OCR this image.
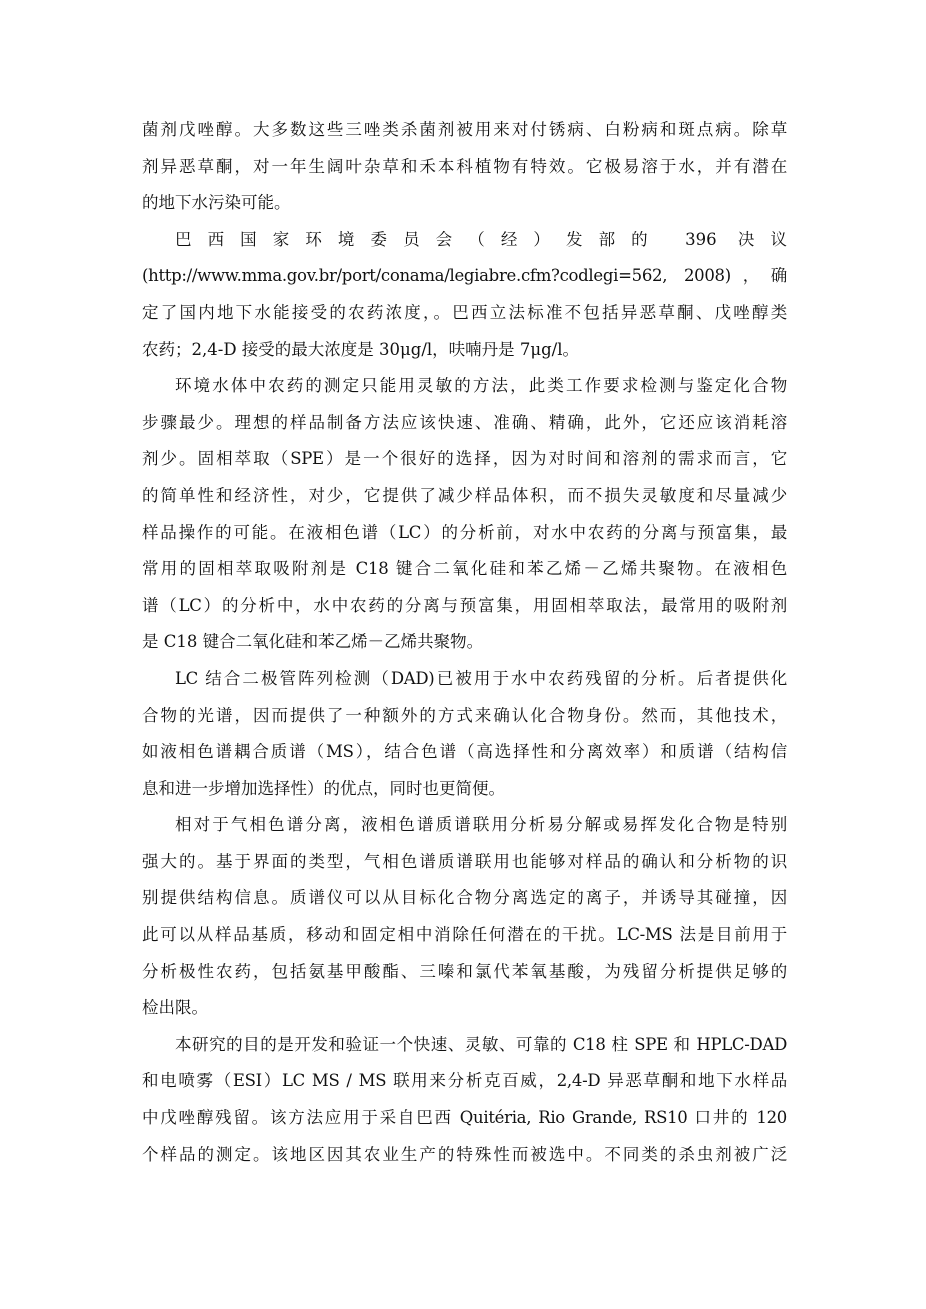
菌剂戊唑醇。大多数这些三唑类杀菌剂被用来对付锈病、白粉病和斑点病。除草
剂异恶草酮，对一年生阔叶杂草和禾本科植物有特效。它极易溶于水，并有潜在
的地下水污染可能。
巴西国家环境委员会（经）发部的 396 决议
(http://www.mma.gov.br/port/conama/legiabre.cfm?codlegi=562, 2008)，确
定了国内地下水能接受的农药浓度，。巴西立法标准不包括异恶草酮、戊唑醇类
农药；2,4-D 接受的最大浓度是 30μg/l，呋喃丹是 7μg/l。
环境水体中农药的测定只能用灵敏的方法，此类工作要求检测与鉴定化合物
步骤最少。理想的样品制备方法应该快速、准确、精确，此外，它还应该消耗溶
剂少。固相萃取（SPE）是一个很好的选择，因为对时间和溶剂的需求而言，它
的简单性和经济性，对少，它提供了减少样品体积，而不损失灵敏度和尽量减少
样品操作的可能。在液相色谱（LC）的分析前，对水中农药的分离与预富集，最
常用的固相萃取吸附剂是 C18 键合二氧化硅和苯乙烯－乙烯共聚物。在液相色
谱（LC）的分析中，水中农药的分离与预富集，用固相萃取法，最常用的吸附剂
是 C18 键合二氧化硅和苯乙烯－乙烯共聚物。
LC 结合二极管阵列检测（DAD)已被用于水中农药残留的分析。后者提供化
合物的光谱，因而提供了一种额外的方式来确认化合物身份。然而，其他技术，
如液相色谱耦合质谱（MS），结合色谱（高选择性和分离效率）和质谱（结构信
息和进一步增加选择性）的优点，同时也更简便。
相对于气相色谱分离，液相色谱质谱联用分析易分解或易挥发化合物是特别
强大的。基于界面的类型，气相色谱质谱联用也能够对样品的确认和分析物的识
别提供结构信息。质谱仪可以从目标化合物分离选定的离子，并诱导其碰撞，因
此可以从样品基质，移动和固定相中消除任何潜在的干扰。LC-MS 法是目前用于
分析极性农药，包括氨基甲酸酯、三嗪和氯代苯氧基酸，为残留分析提供足够的
检出限。
本研究的目的是开发和验证一个快速、灵敏、可靠的 C18 柱 SPE 和 HPLC-DAD
和电喷雾（ESI）LC MS / MS 联用来分析克百威，2,4-D 异恶草酮和地下水样品
中戊唑醇残留。该方法应用于采自巴西 Quitéria, Rio Grande, RS10 口井的 120
个样品的测定。该地区因其农业生产的特殊性而被选中。不同类的杀虫剂被广泛
